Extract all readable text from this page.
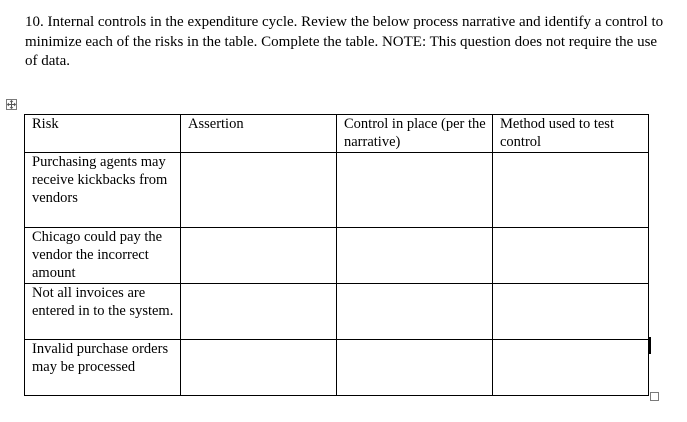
10. Internal controls in the expenditure cycle. Review the below process narrative and identify a control to minimize each of the risks in the table. Complete the table. NOTE: This question does not require the use of data.

Risk	Assertion	Control in place (per the narrative)	Method used to test control
Purchasing agents may receive kickbacks from vendors			
Chicago could pay the vendor the incorrect amount			
Not all invoices are entered in to the system.			
Invalid purchase orders may be processed			
